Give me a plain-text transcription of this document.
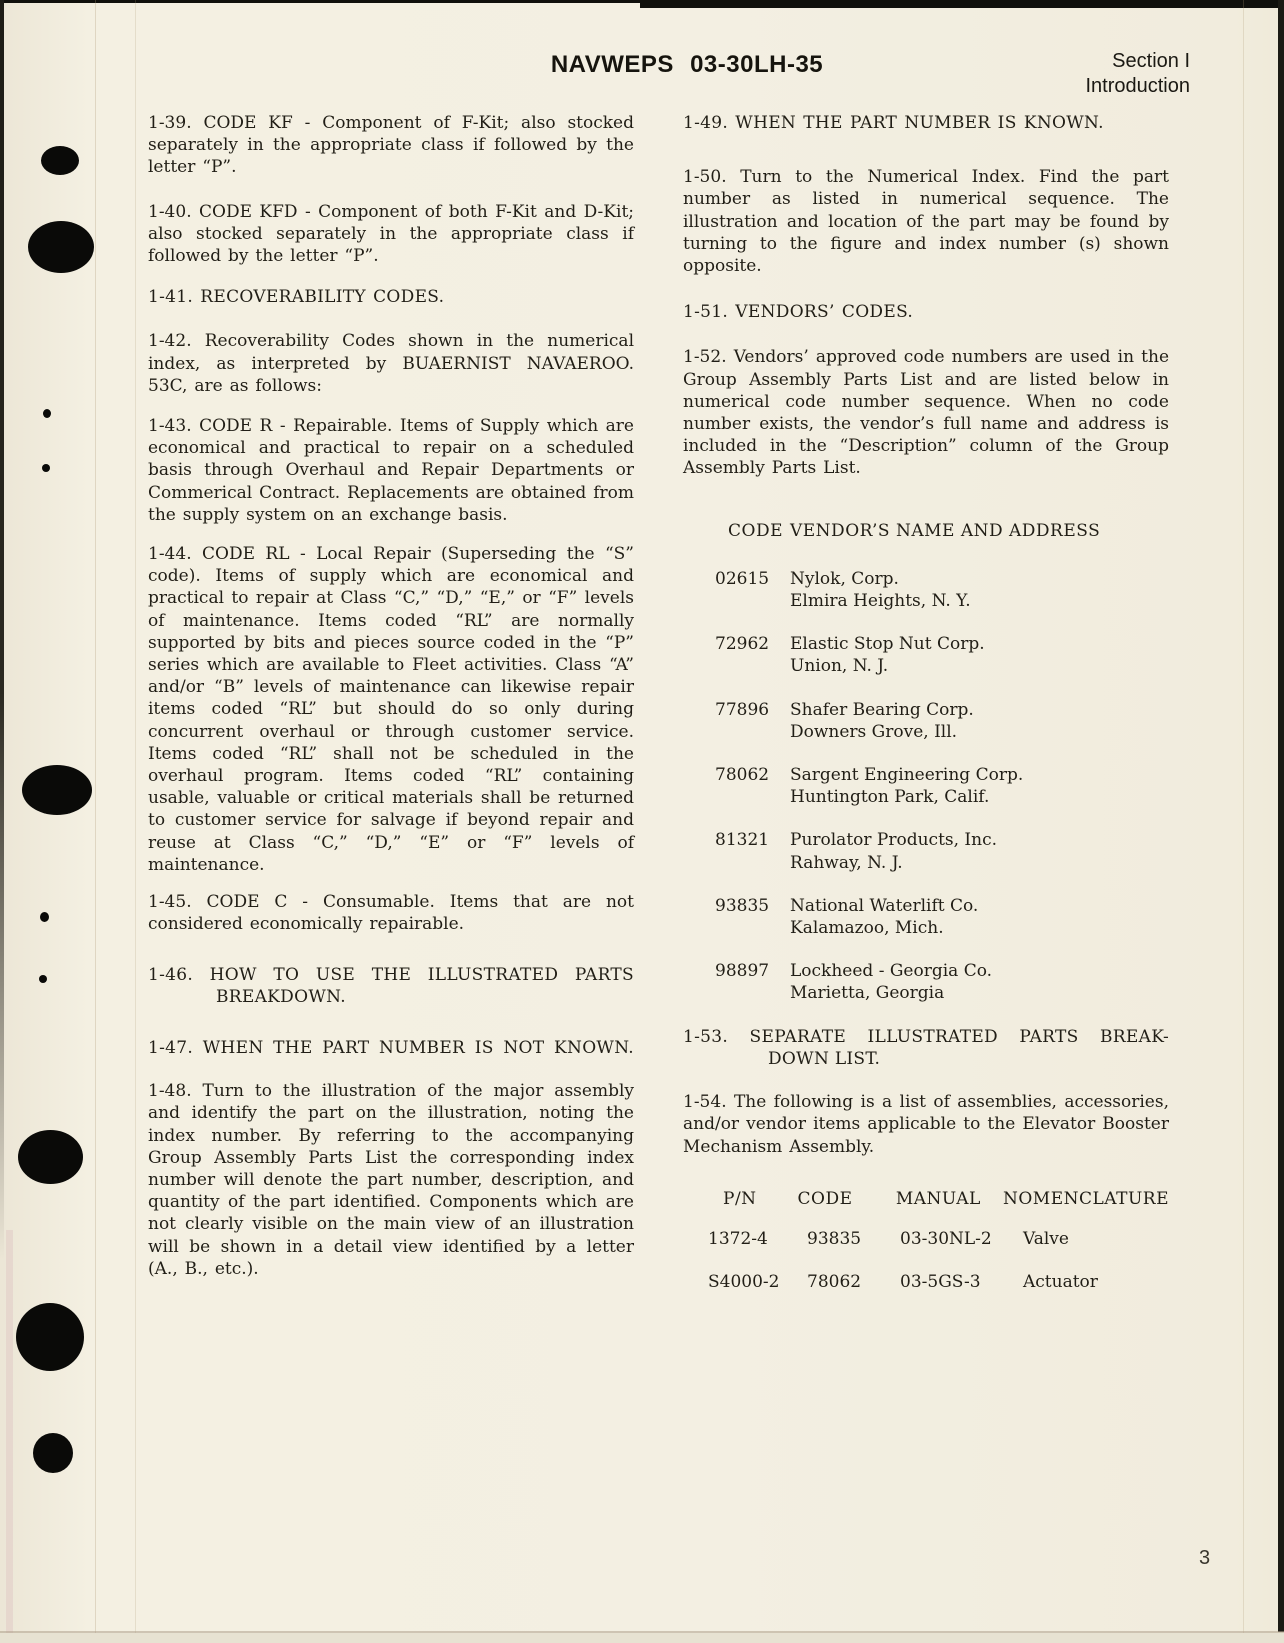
NAVWEPS 03-30LH-35	Section I
Introduction

1-39. CODE KF - Component of F-Kit; also stocked separately in the appropriate class if followed by the letter “P”.

1-40. CODE KFD - Component of both F-Kit and D-Kit; also stocked separately in the appropriate class if followed by the letter “P”.

1-41. RECOVERABILITY CODES.

1-42. Recoverability Codes shown in the numerical index, as interpreted by BUAERNIST NAVAEROO. 53C, are as follows:

1-43. CODE R - Repairable. Items of Supply which are economical and practical to repair on a scheduled basis through Overhaul and Repair Departments or Commerical Contract. Replacements are obtained from the supply system on an exchange basis.

1-44. CODE RL - Local Repair (Superseding the “S” code). Items of supply which are economical and practical to repair at Class “C,” “D,” “E,” or “F” levels of maintenance. Items coded “RL” are normally supported by bits and pieces source coded in the “P” series which are available to Fleet activities. Class “A” and/or “B” levels of maintenance can likewise repair items coded “RL” but should do so only during concurrent overhaul or through customer service. Items coded “RL” shall not be scheduled in the overhaul program. Items coded “RL” containing usable, valuable or critical materials shall be returned to customer service for salvage if beyond repair and reuse at Class “C,” “D,” “E” or “F” levels of maintenance.

1-45. CODE C - Consumable. Items that are not considered economically repairable.

1-46. HOW TO USE THE ILLUSTRATED PARTS
BREAKDOWN.

1-47. WHEN THE PART NUMBER IS NOT KNOWN.

1-48. Turn to the illustration of the major assembly and identify the part on the illustration, noting the index number. By referring to the accompanying Group Assembly Parts List the corresponding index number will denote the part number, description, and quantity of the part identified. Components which are not clearly visible on the main view of an illustration will be shown in a detail view identified by a letter (A., B., etc.).

1-49. WHEN THE PART NUMBER IS KNOWN.

1-50. Turn to the Numerical Index. Find the part number as listed in numerical sequence. The illustration and location of the part may be found by turning to the figure and index number (s) shown opposite.

1-51. VENDORS’ CODES.

1-52. Vendors’ approved code numbers are used in the Group Assembly Parts List and are listed below in numerical code number sequence. When no code number exists, the vendor’s full name and address is included in the “Description” column of the Group Assembly Parts List.

CODE VENDOR’S NAME AND ADDRESS
02615	Nylok, Corp.
Elmira Heights, N. Y.
72962	Elastic Stop Nut Corp.
Union, N. J.
77896	Shafer Bearing Corp.
Downers Grove, Ill.
78062	Sargent Engineering Corp.
Huntington Park, Calif.
81321	Purolator Products, Inc.
Rahway, N. J.
93835	National Waterlift Co.
Kalamazoo, Mich.
98897	Lockheed - Georgia Co.
Marietta, Georgia
1-53. SEPARATE ILLUSTRATED PARTS BREAK-
DOWN LIST.

1-54. The following is a list of assemblies, accessories, and/or vendor items applicable to the Elevator Booster Mechanism Assembly.

P/N	CODE	MANUAL	NOMENCLATURE
1372-4	93835	03-30NL-2	Valve
S4000-2	78062	03-5GS-3	Actuator
3
